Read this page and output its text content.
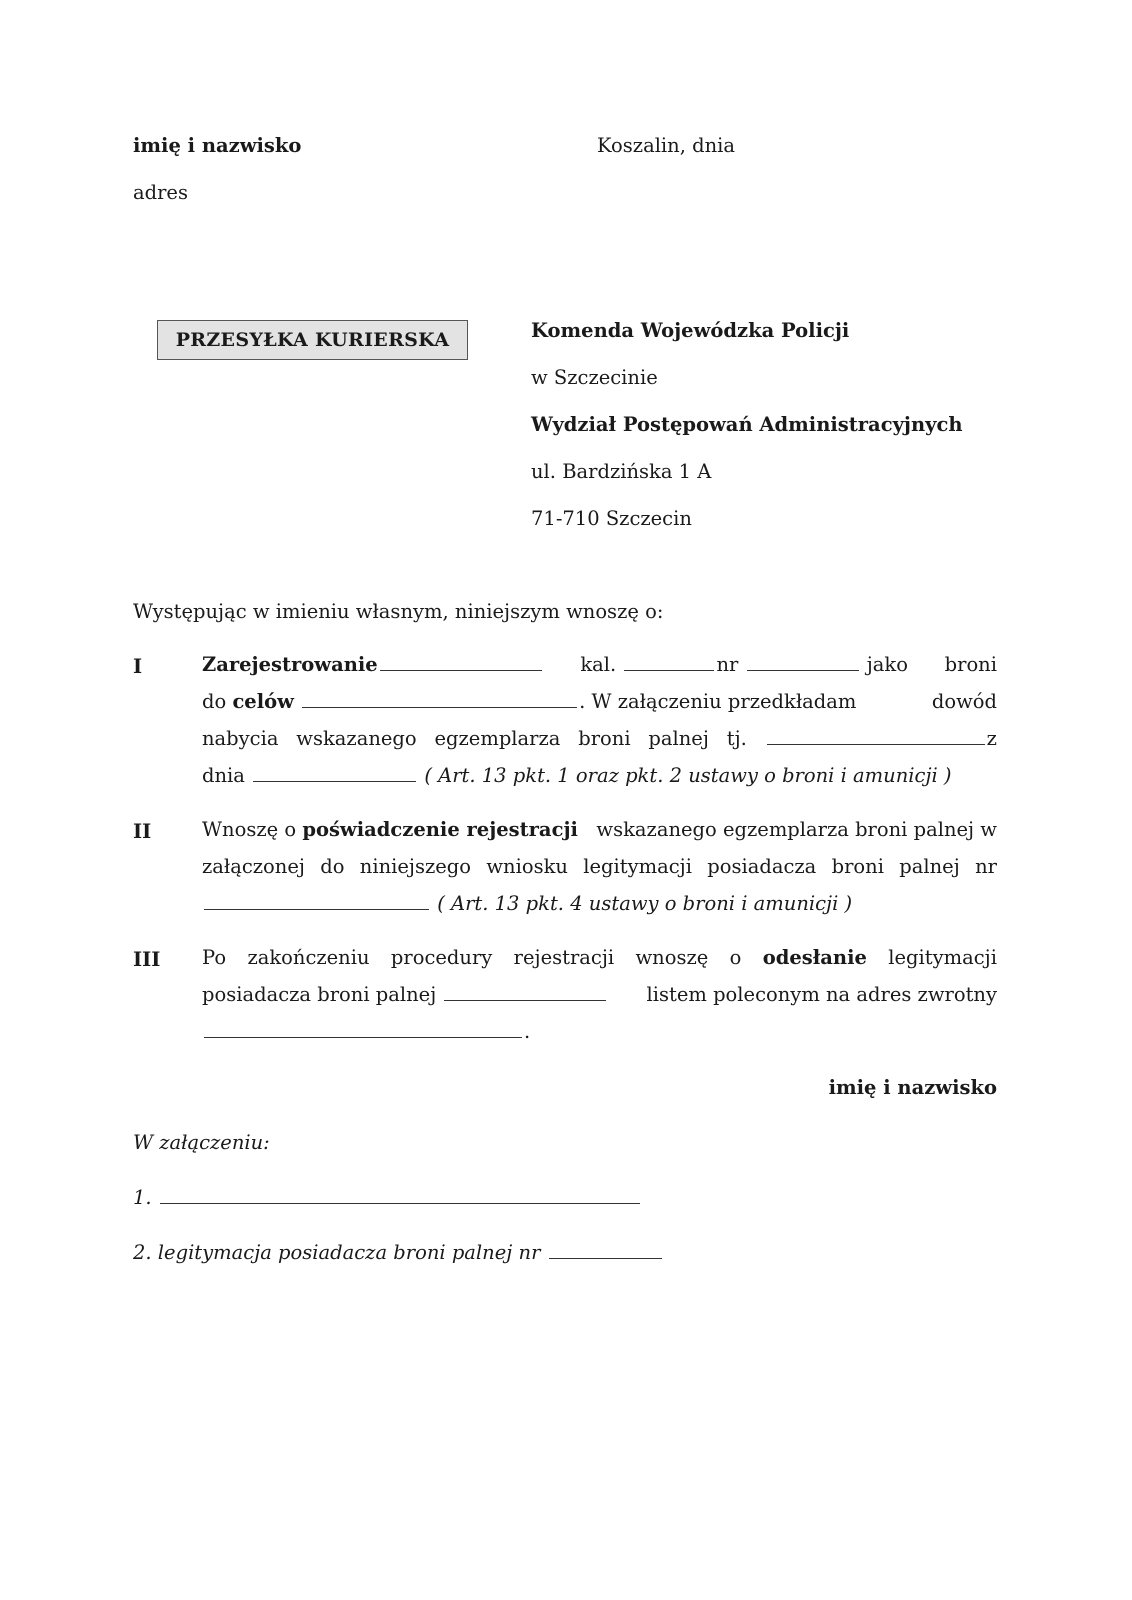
imię i nazwisko	Koszalin, dnia
adres
PRZESYŁKA KURIERSKA	Komenda Wojewódzka Policji
w Szczecinie
Wydział Postępowań Administracyjnych
ul. Bardzińska 1 A
71-710 Szczecin
Występując w imieniu własnym, niniejszym wnoszę o:
I	Zarejestrowanie	kal.	nr	jako broni
do celów	. W załączeniu przedkładam	dowód
nabycia wskazanego egzemplarza broni palnej tj.	z
dnia

	( Art. 13 pkt. 1 oraz pkt. 2 ustawy o broni i amunicji )
II	Wnoszę o poświadczenie rejestracji wskazanego egzemplarza broni palnej w
załączonej do niniejszego wniosku legitymacji posiadacza broni palnej nr

( Art. 13 pkt. 4 ustawy o broni i amunicji )
III Po zakończeniu procedury rejestracji wnoszę o odesłanie legitymacji
posiadacza broni palnej	listem poleconym na adres zwrotny
.
imię i nazwisko
W załączeniu:
1.
2. legitymacja posiadacza broni palnej nr
